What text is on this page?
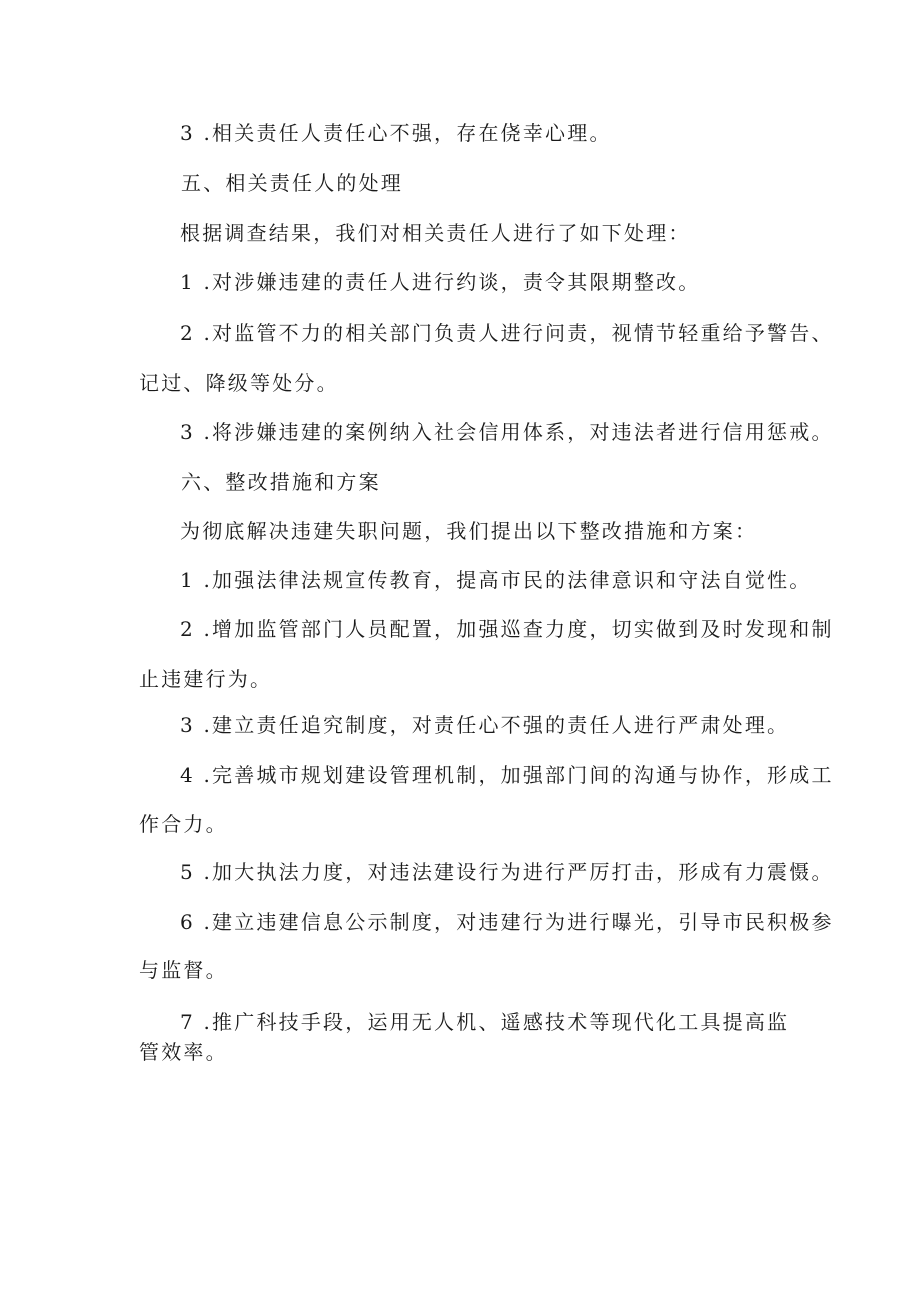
3 .相关责任人责任心不强，存在侥幸心理。
五、相关责任人的处理
根据调查结果，我们对相关责任人进行了如下处理：
1 .对涉嫌违建的责任人进行约谈，责令其限期整改。
2 .对监管不力的相关部门负责人进行问责，视情节轻重给予警告、
记过、降级等处分。
3 .将涉嫌违建的案例纳入社会信用体系，对违法者进行信用惩戒。
六、整改措施和方案
为彻底解决违建失职问题，我们提出以下整改措施和方案：
1 .加强法律法规宣传教育，提高市民的法律意识和守法自觉性。
2 .增加监管部门人员配置，加强巡查力度，切实做到及时发现和制
止违建行为。
3 .建立责任追究制度，对责任心不强的责任人进行严肃处理。
4 .完善城市规划建设管理机制，加强部门间的沟通与协作，形成工
作合力。
5 .加大执法力度，对违法建设行为进行严厉打击，形成有力震慑。
6 .建立违建信息公示制度，对违建行为进行曝光，引导市民积极参
与监督。
7 .推广科技手段，运用无人机、遥感技术等现代化工具提高监
管效率。
